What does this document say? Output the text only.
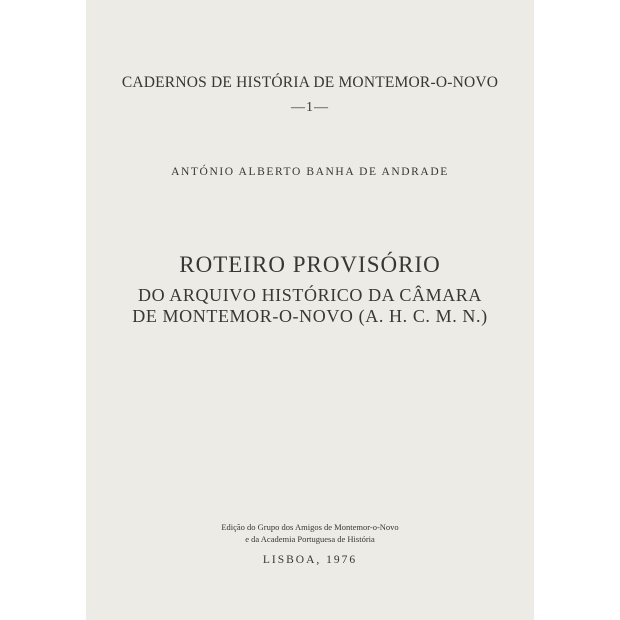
CADERNOS DE HISTÓRIA DE MONTEMOR-O-NOVO
—1—
ANTÓNIO ALBERTO BANHA DE ANDRADE
ROTEIRO PROVISÓRIO
DO ARQUIVO HISTÓRICO DA CÂMARA
DE MONTEMOR-O-NOVO (A. H. C. M. N.)
Edição do Grupo dos Amigos de Montemor-o-Novo
e da Academia Portuguesa de História
LISBOA, 1976
